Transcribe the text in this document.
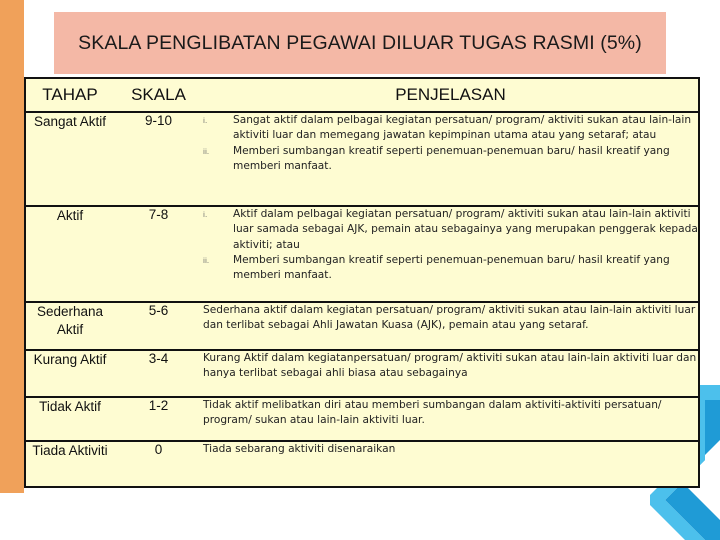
SKALA PENGLIBATAN PEGAWAI DILUAR TUGAS RASMI (5%)
TAHAP	SKALA	PENJELASAN
Sangat Aktif	9-10	i. Sangat aktif dalam pelbagai kegiatan persatuan/ program/ aktiviti sukan atau lain-lain aktiviti luar dan memegang jawatan kepimpinan utama atau yang setaraf; atau
ii. Memberi sumbangan kreatif seperti penemuan-penemuan baru/ hasil kreatif yang memberi manfaat.

Aktif	7-8	i. Aktif dalam pelbagai kegiatan persatuan/ program/ aktiviti sukan atau lain-lain aktiviti luar samada sebagai AJK, pemain atau sebagainya yang merupakan penggerak kepada aktiviti; atau
ii. Memberi sumbangan kreatif seperti penemuan-penemuan baru/ hasil kreatif yang memberi manfaat.

Sederhana Aktif	5-6	Sederhana aktif dalam kegiatan persatuan/ program/ aktiviti sukan atau lain-lain aktiviti luar dan terlibat sebagai Ahli Jawatan Kuasa (AJK), pemain atau yang setaraf.
Kurang Aktif	3-4	Kurang Aktif dalam kegiatanpersatuan/ program/ aktiviti sukan atau lain-lain aktiviti luar dan hanya terlibat sebagai ahli biasa atau sebagainya
Tidak Aktif	1-2	Tidak aktif melibatkan diri atau memberi sumbangan dalam aktiviti-aktiviti persatuan/ program/ sukan atau lain-lain aktiviti luar.
Tiada Aktiviti	0	Tiada sebarang aktiviti disenaraikan
